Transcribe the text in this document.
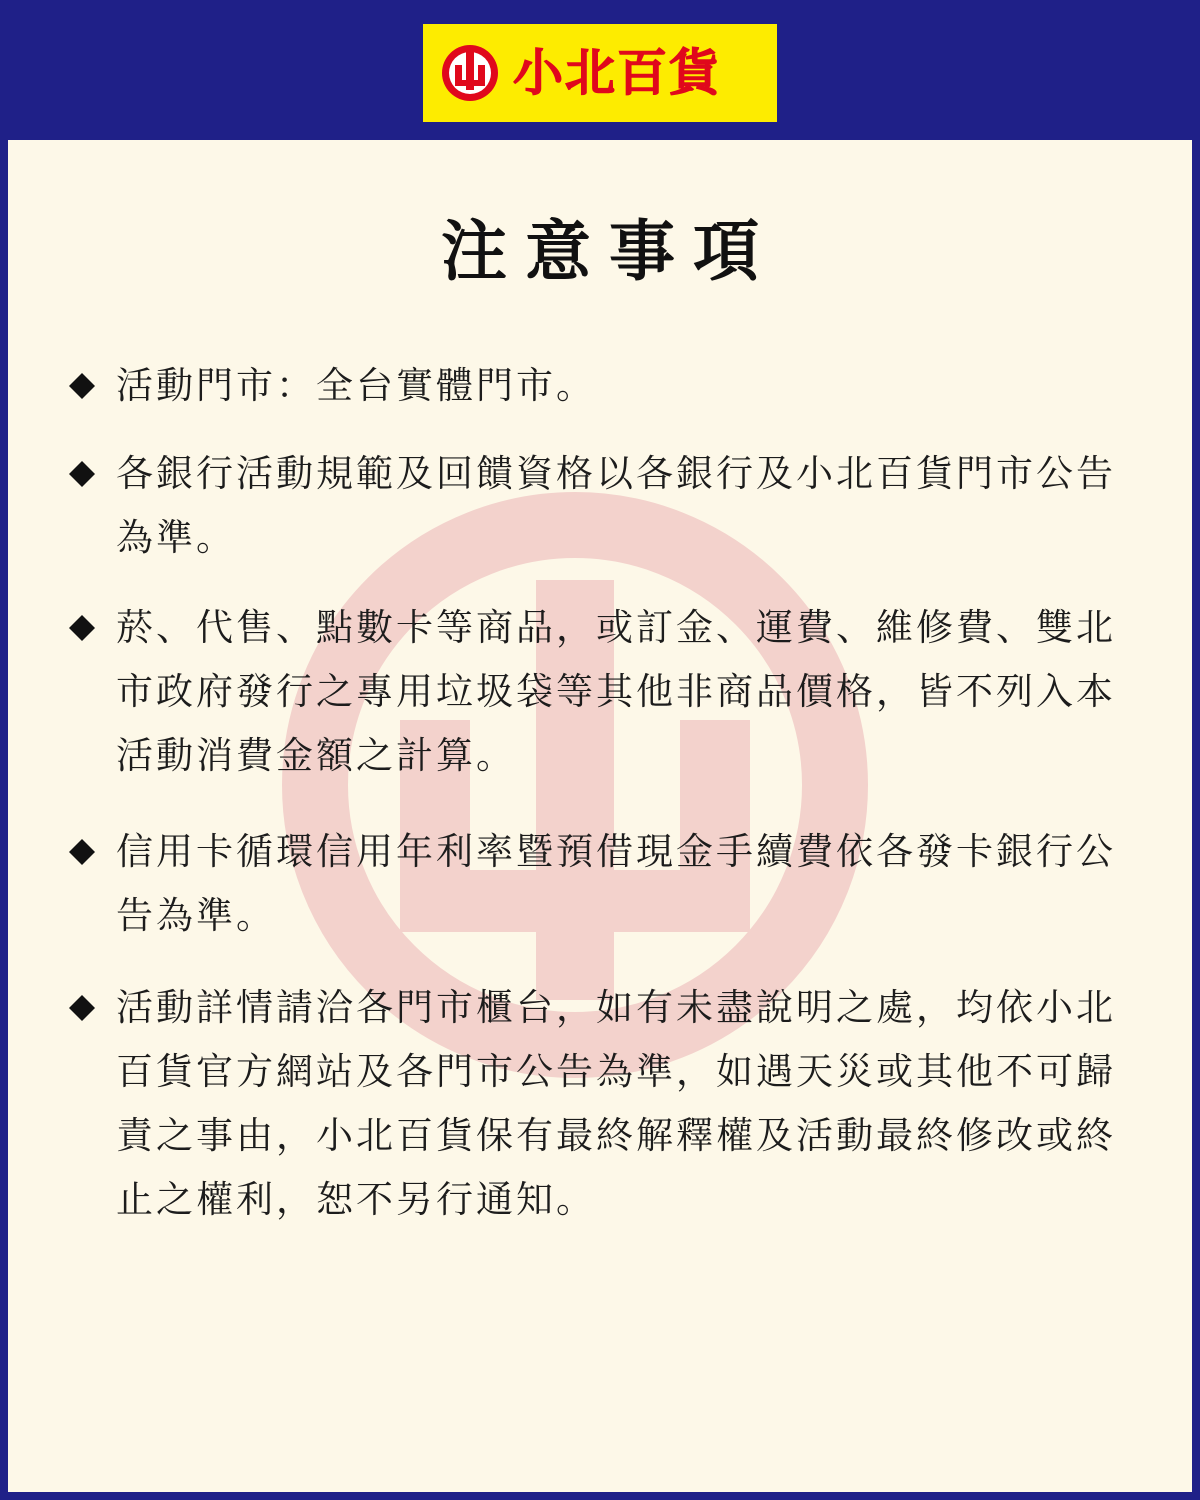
小北百貨
注意事項
活動門市：全台實體門市。
各銀行活動規範及回饋資格以各銀行及小北百貨門市公告為準。
菸、代售、點數卡等商品，或訂金、運費、維修費、雙北市政府發行之專用垃圾袋等其他非商品價格，皆不列入本活動消費金額之計算。
信用卡循環信用年利率暨預借現金手續費依各發卡銀行公告為準。
活動詳情請洽各門市櫃台，如有未盡說明之處，均依小北百貨官方網站及各門市公告為準，如遇天災或其他不可歸責之事由，小北百貨保有最終解釋權及活動最終修改或終止之權利，恕不另行通知。
